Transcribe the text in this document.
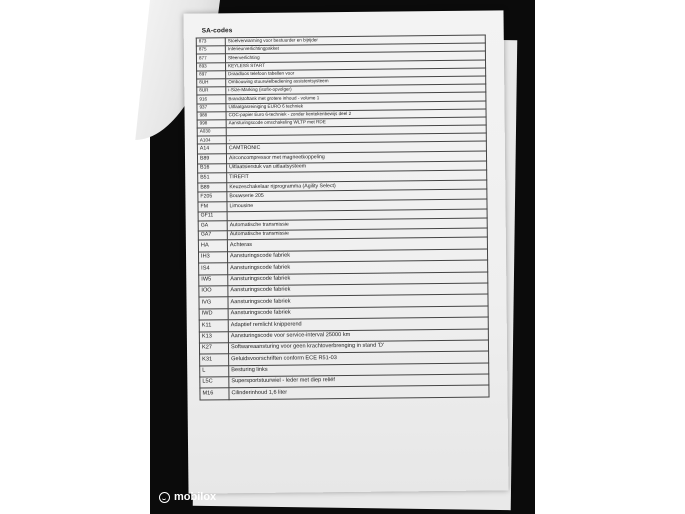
SA-codes
873	Stoelverwarming voor bestuurder en bijrijder
875	Interieurverlichtingpakket
877	Sfeerverlichting
893	KEYLESS START
897	Draadloos telefoon tabellen voor
8UH	Ombouwing stuurwielbediening assistentsysteem
8UR	i-Size-Marking (isofix-opvolger)
916	Brandstoftank met grotere inhoud - volume 1
937	Uitlaatgasreiniging EURO 6 techniek
988	COC-papier Euro 6-techniek - zonder kentekenbewijs deel 2
998	Aansturingscode omschakeling WLTP met RDE
A030	
A104	-
A14	CAMTRONIC
B89	Airconcompressor met magneetkoppeling
B16	Uitlaatsierstuk van uitlaatsysteem
B51	TIREFIT
B89	Keuzeschakelaar rijprogramma (Agility Select)
F205	Bouwserie 205
FM	Limousine
GF11	
GA	Automatische transmissie
GA7	Automatische transmissie
HA	Achteras
IH3	Aansturingscode fabriek
IS4	Aansturingscode fabriek
IW5	Aansturingscode fabriek
IOO	Aansturingscode fabriek
IVG	Aansturingscode fabriek
IWD	Aansturingscode fabriek
K11	Adaptief remlicht knipperend
K13	Aansturingscode voor service-interval 25000 km
K27	Softwareaansturing voor geen krachtoverbrenging in stand 'D'
K31	Geluidsvoorschriften conform ECE R51-03
L	Besturing links
L5C	Supersportstuurwiel - leder met diep reliëf
M16	Cilinderinhoud 1,6 liter
mobilox
